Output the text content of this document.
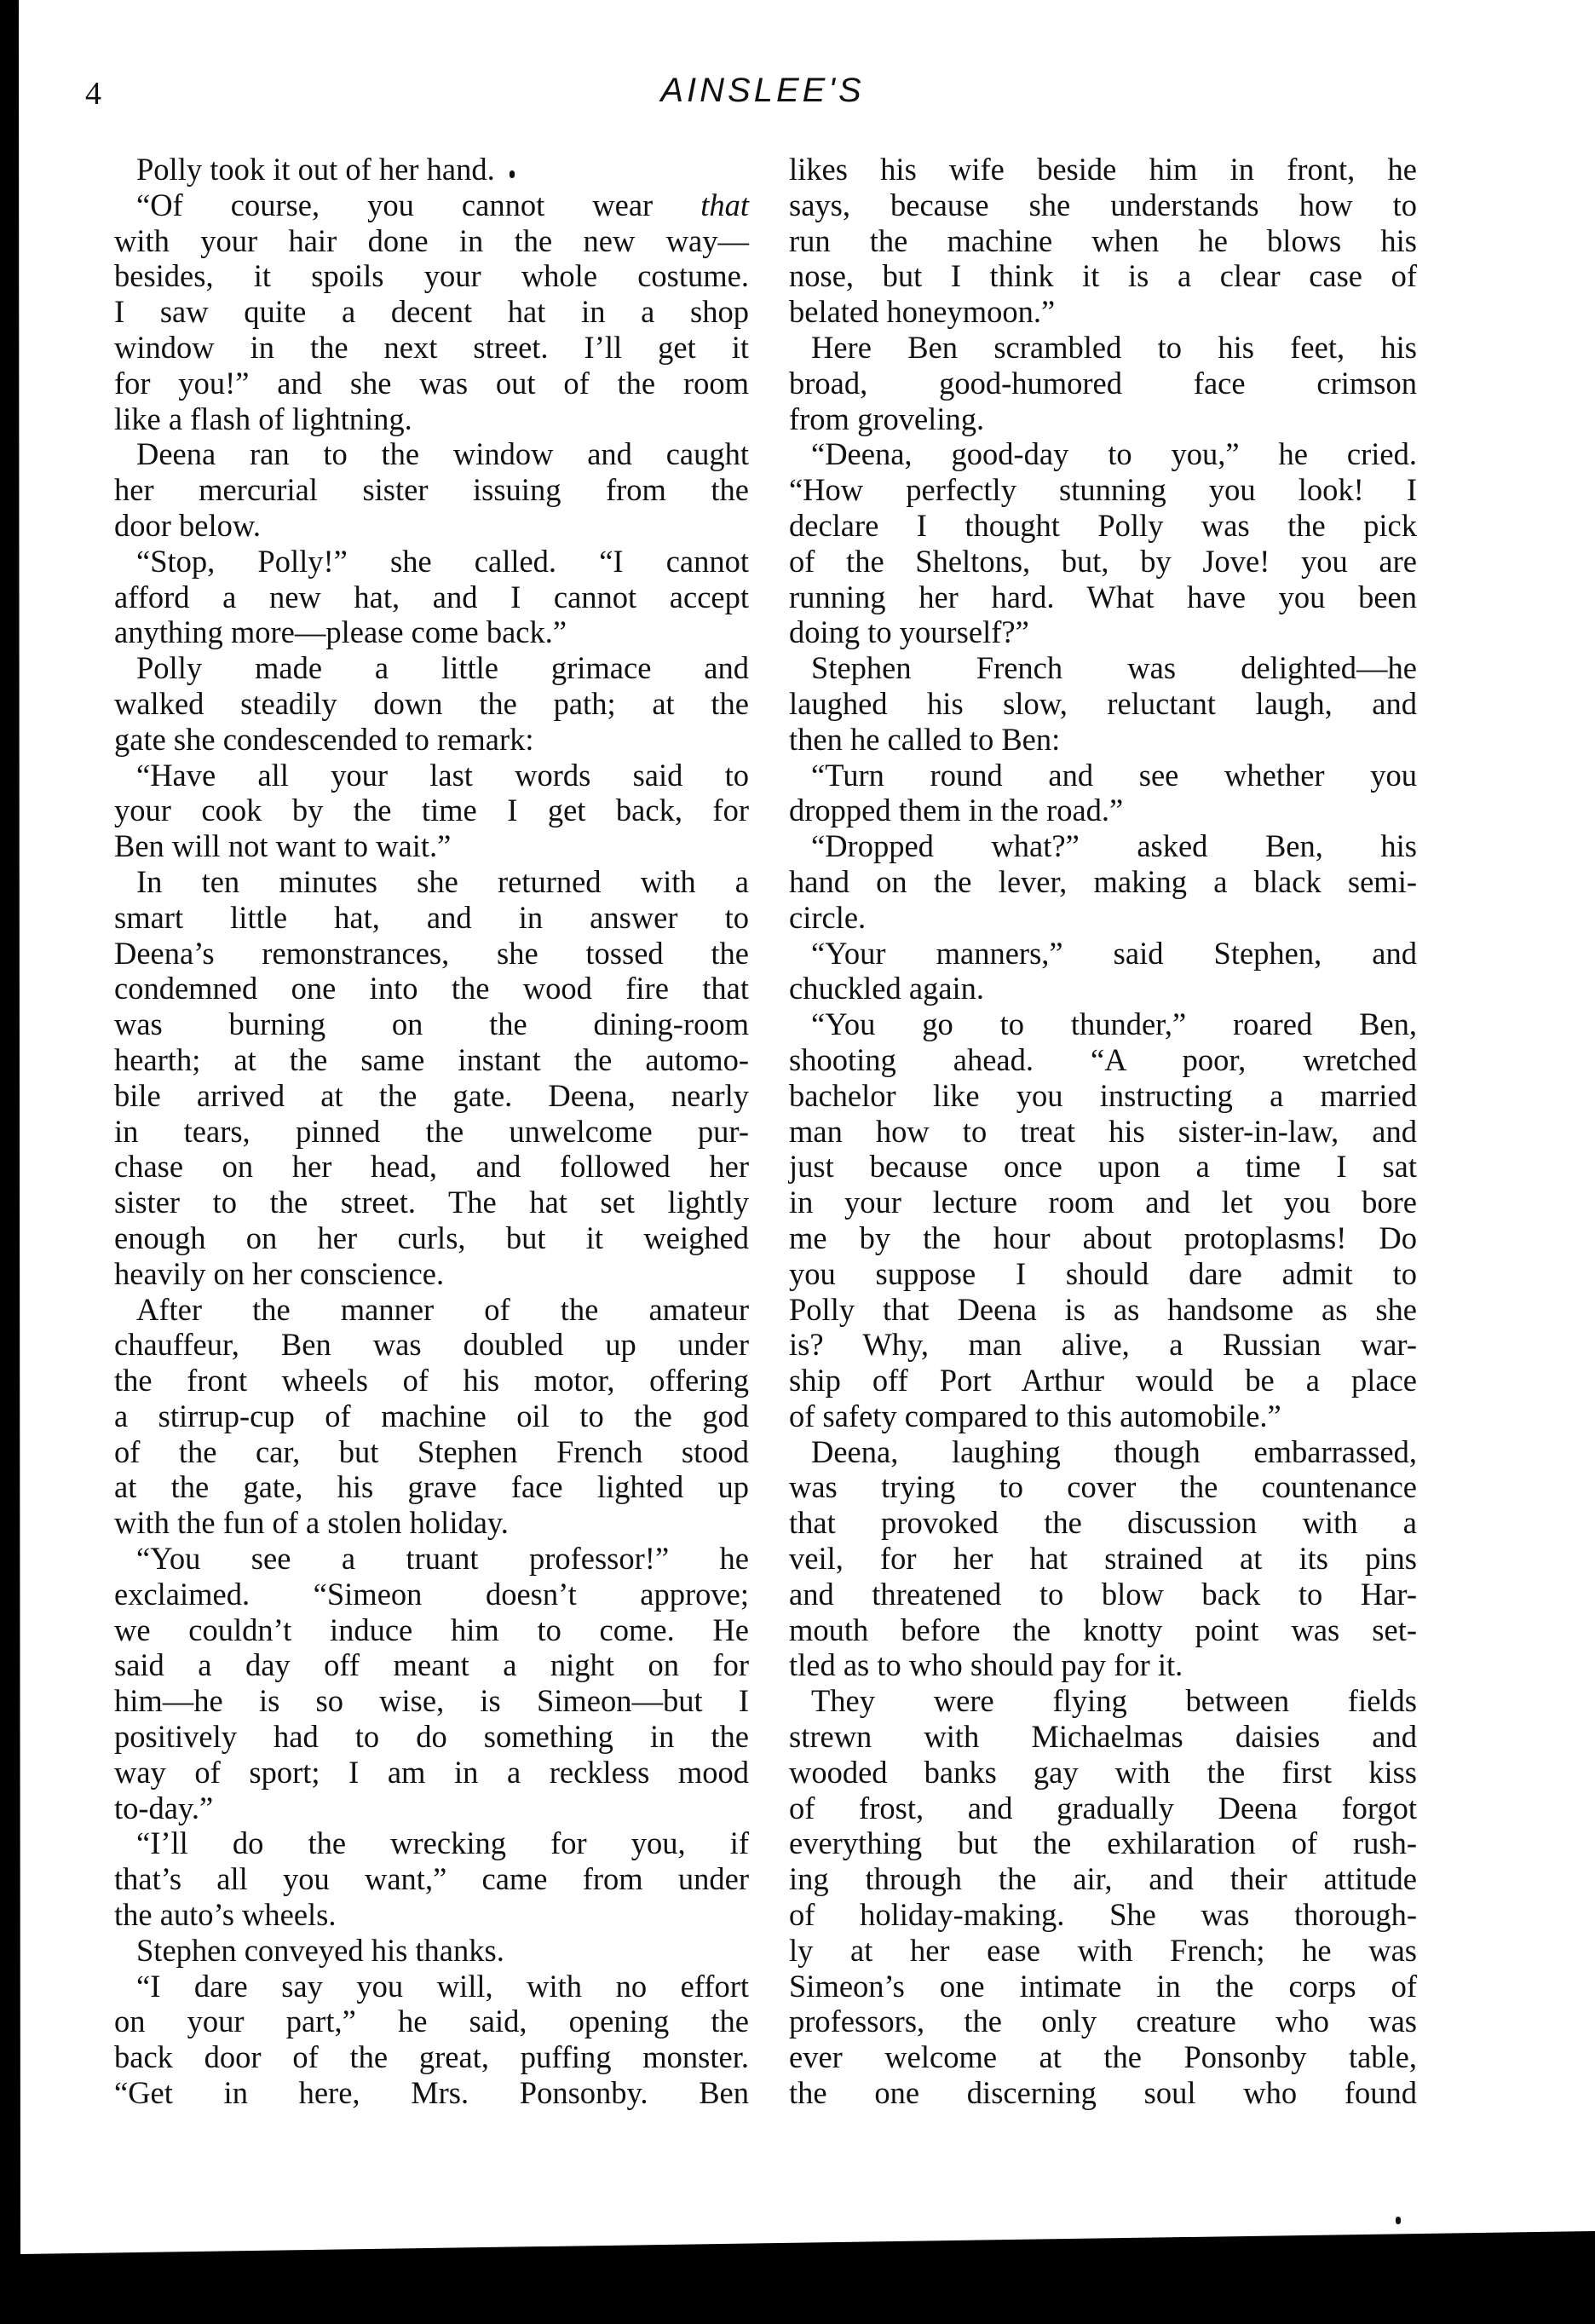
4	AINSLEE'S
Polly took it out of her hand.
“Of course, you cannot wear that
with your hair done in the new way—
besides, it spoils your whole costume.
I saw quite a decent hat in a shop
window in the next street. I’ll get it
for you!” and she was out of the room
like a flash of lightning.
Deena ran to the window and caught
her mercurial sister issuing from the
door below.
“Stop, Polly!” she called. “I cannot
afford a new hat, and I cannot accept
anything more—please come back.”
Polly made a little grimace and
walked steadily down the path; at the
gate she condescended to remark:
“Have all your last words said to
your cook by the time I get back, for
Ben will not want to wait.”
In ten minutes she returned with a
smart little hat, and in answer to
Deena’s remonstrances, she tossed the
condemned one into the wood fire that
was burning on the dining-room
hearth; at the same instant the automo-
bile arrived at the gate. Deena, nearly
in tears, pinned the unwelcome pur-
chase on her head, and followed her
sister to the street. The hat set lightly
enough on her curls, but it weighed
heavily on her conscience.
After the manner of the amateur
chauffeur, Ben was doubled up under
the front wheels of his motor, offering
a stirrup-cup of machine oil to the god
of the car, but Stephen French stood
at the gate, his grave face lighted up
with the fun of a stolen holiday.
“You see a truant professor!” he
exclaimed. “Simeon doesn’t approve;
we couldn’t induce him to come. He
said a day off meant a night on for
him—he is so wise, is Simeon—but I
positively had to do something in the
way of sport; I am in a reckless mood
to-day.”
“I’ll do the wrecking for you, if
that’s all you want,” came from under
the auto’s wheels.
Stephen conveyed his thanks.
“I dare say you will, with no effort
on your part,” he said, opening the
back door of the great, puffing monster.
“Get in here, Mrs. Ponsonby. Ben
likes his wife beside him in front, he
says, because she understands how to
run the machine when he blows his
nose, but I think it is a clear case of
belated honeymoon.”
Here Ben scrambled to his feet, his
broad, good-humored face crimson
from groveling.
“Deena, good-day to you,” he cried.
“How perfectly stunning you look! I
declare I thought Polly was the pick
of the Sheltons, but, by Jove! you are
running her hard. What have you been
doing to yourself?”
Stephen French was delighted—he
laughed his slow, reluctant laugh, and
then he called to Ben:
“Turn round and see whether you
dropped them in the road.”
“Dropped what?” asked Ben, his
hand on the lever, making a black semi-
circle.
“Your manners,” said Stephen, and
chuckled again.
“You go to thunder,” roared Ben,
shooting ahead. “A poor, wretched
bachelor like you instructing a married
man how to treat his sister-in-law, and
just because once upon a time I sat
in your lecture room and let you bore
me by the hour about protoplasms! Do
you suppose I should dare admit to
Polly that Deena is as handsome as she
is? Why, man alive, a Russian war-
ship off Port Arthur would be a place
of safety compared to this automobile.”
Deena, laughing though embarrassed,
was trying to cover the countenance
that provoked the discussion with a
veil, for her hat strained at its pins
and threatened to blow back to Har-
mouth before the knotty point was set-
tled as to who should pay for it.
They were flying between fields
strewn with Michaelmas daisies and
wooded banks gay with the first kiss
of frost, and gradually Deena forgot
everything but the exhilaration of rush-
ing through the air, and their attitude
of holiday-making. She was thorough-
ly at her ease with French; he was
Simeon’s one intimate in the corps of
professors, the only creature who was
ever welcome at the Ponsonby table,
the one discerning soul who found
